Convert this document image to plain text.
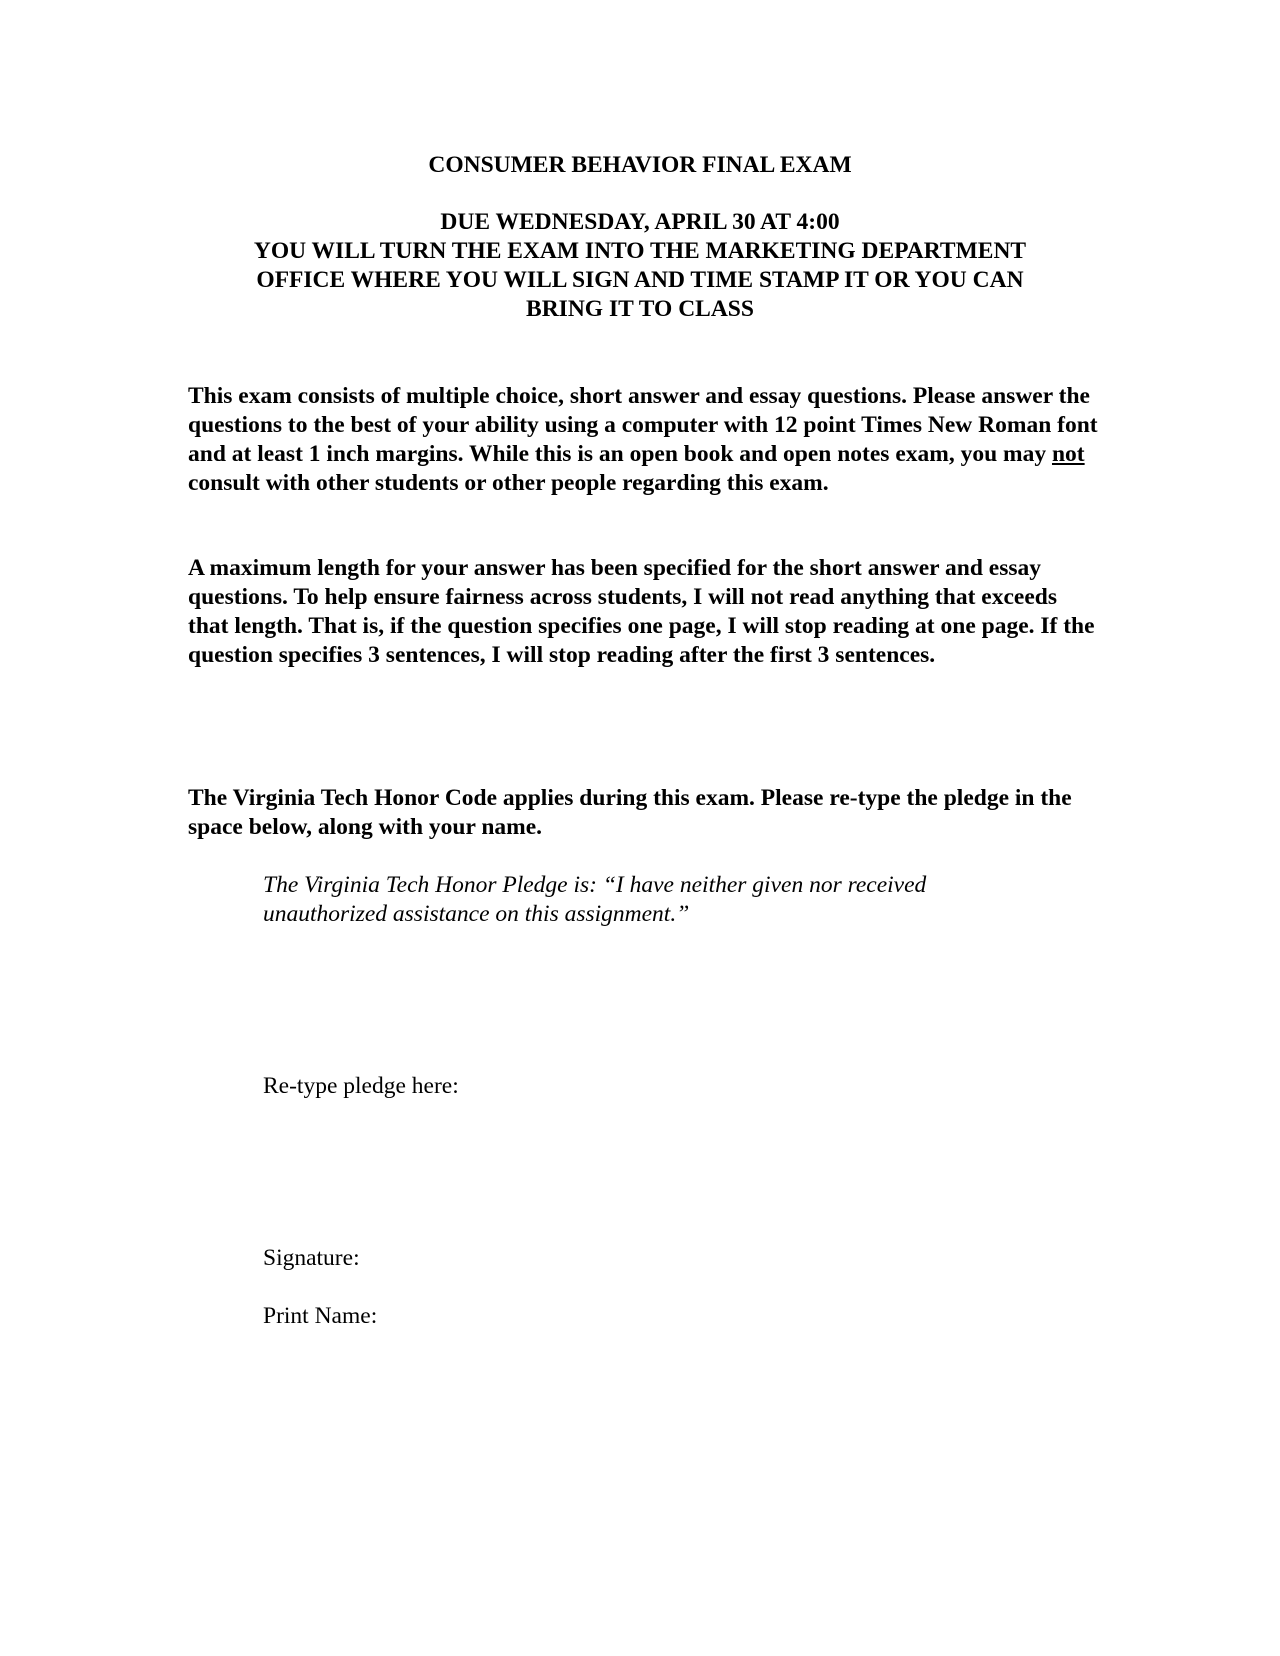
CONSUMER BEHAVIOR FINAL EXAM

DUE WEDNESDAY, APRIL 30 AT 4:00

YOU WILL TURN THE EXAM INTO THE MARKETING DEPARTMENT

OFFICE WHERE YOU WILL SIGN AND TIME STAMP IT OR YOU CAN

BRING IT TO CLASS

This exam consists of multiple choice, short answer and essay questions. Please answer the questions to the best of your ability using a computer with 12 point Times New Roman font and at least 1 inch margins. While this is an open book and open notes exam, you may not consult with other students or other people regarding this exam.

A maximum length for your answer has been specified for the short answer and essay questions. To help ensure fairness across students, I will not read anything that exceeds that length. That is, if the question specifies one page, I will stop reading at one page. If the question specifies 3 sentences, I will stop reading after the first 3 sentences.

The Virginia Tech Honor Code applies during this exam. Please re-type the pledge in the space below, along with your name.

The Virginia Tech Honor Pledge is: “I have neither given nor received unauthorized assistance on this assignment.”

Re-type pledge here:

Signature:

Print Name:
